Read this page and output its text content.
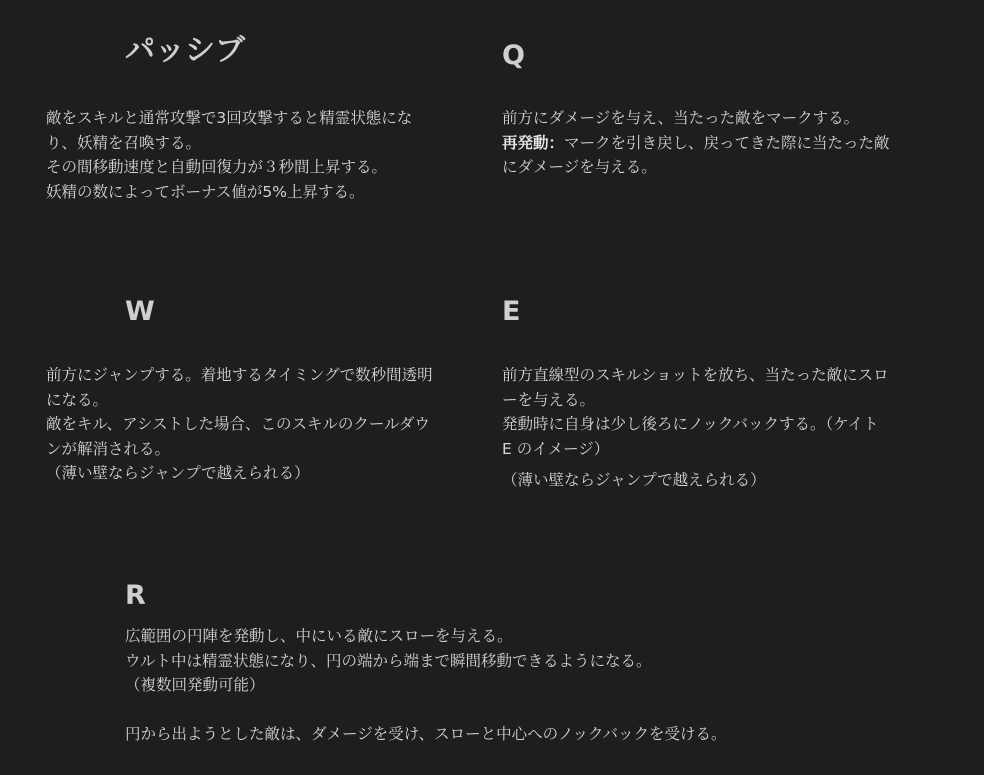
パッシブ

敵をスキルと通常攻撃で3回攻撃すると精霊状態にな

り、妖精を召喚する。

その間移動速度と自動回復力が３秒間上昇する。

妖精の数によってボーナス値が5%上昇する。

Q

前方にダメージを与え、当たった敵をマークする。

再発動：マークを引き戻し、戻ってきた際に当たった敵

にダメージを与える。

W

前方にジャンプする。着地するタイミングで数秒間透明

になる。

敵をキル、アシストした場合、このスキルのクールダウ

ンが解消される。

（薄い壁ならジャンプで越えられる）

E

前方直線型のスキルショットを放ち、当たった敵にスロ

ーを与える。

発動時に自身は少し後ろにノックバックする。（ケイト

E のイメージ）

（薄い壁ならジャンプで越えられる）

R

広範囲の円陣を発動し、中にいる敵にスローを与える。

ウルト中は精霊状態になり、円の端から端まで瞬間移動できるようになる。

（複数回発動可能）

円から出ようとした敵は、ダメージを受け、スローと中心へのノックバックを受ける。
